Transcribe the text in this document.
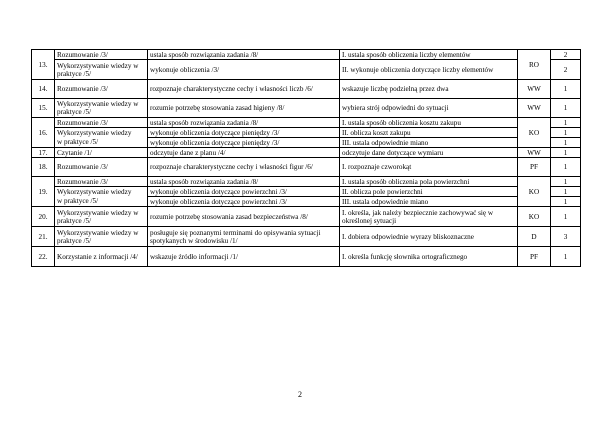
13.	Rozumowanie /3/	ustala sposób rozwiązania zadania /8/	I. ustala sposób obliczenia liczby elementów	RO	2
	Wykorzystywanie wiedzy w praktyce /5/	wykonuje obliczenia /3/	II. wykonuje obliczenia dotyczące liczby elementów		2
14.	Rozumowanie /3/	rozpoznaje charakterystyczne cechy i własności liczb /6/	wskazuje liczbę podzielną przez dwa	WW	1
15.	Wykorzystywanie wiedzy w praktyce /5/	rozumie potrzebę stosowania zasad higieny /8/	wybiera strój odpowiedni do sytuacji	WW	1
16.	Rozumowanie /3/	ustala sposób rozwiązania zadania /8/	I. ustala sposób obliczenia kosztu zakupu	KO	1
	Wykorzystywanie wiedzy	wykonuje obliczenia dotyczące pieniędzy /3/	II. oblicza koszt zakupu		1
	w praktyce /5/	wykonuje obliczenia dotyczące pieniędzy /3/	III. ustala odpowiednie miano		1
17.	Czytanie /1/	odczytuje dane z planu /4/	odczytuje dane dotyczące wymiaru	WW	1
18.	Rozumowanie /3/	rozpoznaje charakterystyczne cechy i własności figur /6/	I. rozpoznaje czworokąt	PF	1
19.	Rozumowanie /3/	ustala sposób rozwiązania zadania /8/	I. ustala sposób obliczenia pola powierzchni	KO	1
	Wykorzystywanie wiedzy	wykonuje obliczenia dotyczące powierzchni /3/	II. oblicza pole powierzchni		1
	w praktyce /5/	wykonuje obliczenia dotyczące powierzchni /3/	III. ustala odpowiednie miano		1
20.	Wykorzystywanie wiedzy w praktyce /5/	rozumie potrzebę stosowania zasad bezpieczeństwa /8/	I. określa, jak należy bezpiecznie zachowywać się w określonej sytuacji	KO	1
21.	Wykorzystywanie wiedzy w praktyce /5/	posługuje się poznanymi terminami do opisywania sytuacji spotykanych w środowisku /1/	I. dobiera odpowiednie wyrazy bliskoznaczne	D	3
22.	Korzystanie z informacji /4/	wskazuje źródło informacji /1/	I. określa funkcję słownika ortograficznego	PF	1
2
